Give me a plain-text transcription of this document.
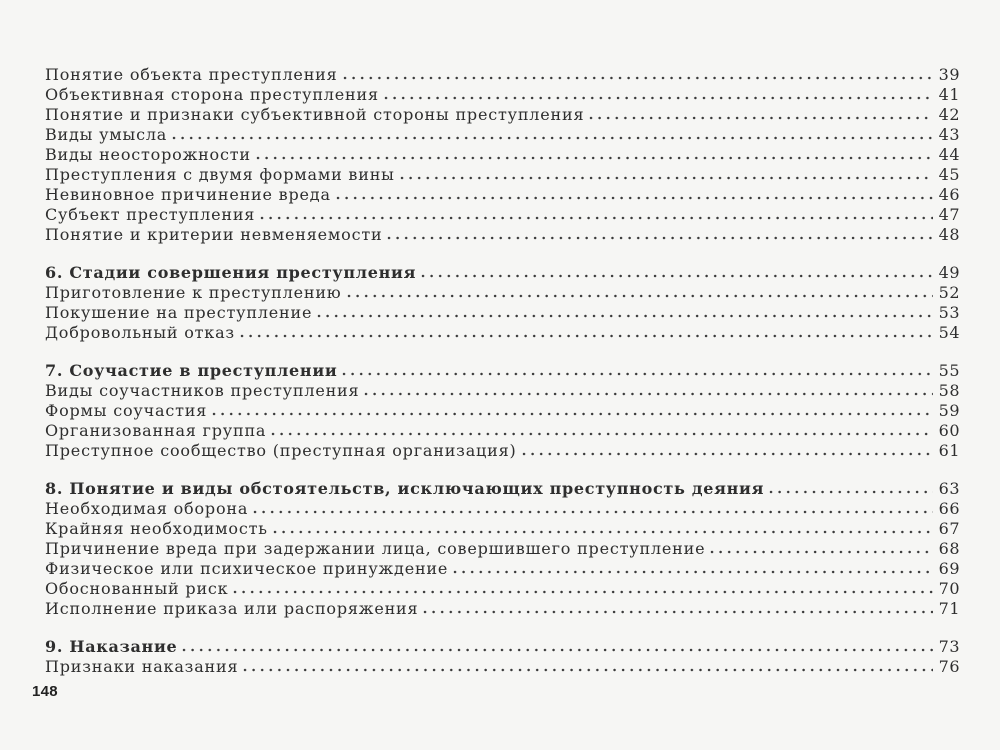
Понятие объекта преступления	39
Объективная сторона преступления	41
Понятие и признаки субъективной стороны преступления	42
Виды умысла	43
Виды неосторожности	44
Преступления с двумя формами вины	45
Невиновное причинение вреда	46
Субъект преступления	47
Понятие и критерии невменяемости	48
6. Стадии совершения преступления	49
Приготовление к преступлению	52
Покушение на преступление	53
Добровольный отказ	54
7. Соучастие в преступлении	55
Виды соучастников преступления	58
Формы соучастия	59
Организованная группа	60
Преступное сообщество (преступная организация)	61
8. Понятие и виды обстоятельств, исключающих преступность деяния	63
Необходимая оборона	66
Крайняя необходимость	67
Причинение вреда при задержании лица, совершившего преступление	68
Физическое или психическое принуждение	69
Обоснованный риск	70
Исполнение приказа или распоряжения	71
9. Наказание	73
Признаки наказания	76
148
